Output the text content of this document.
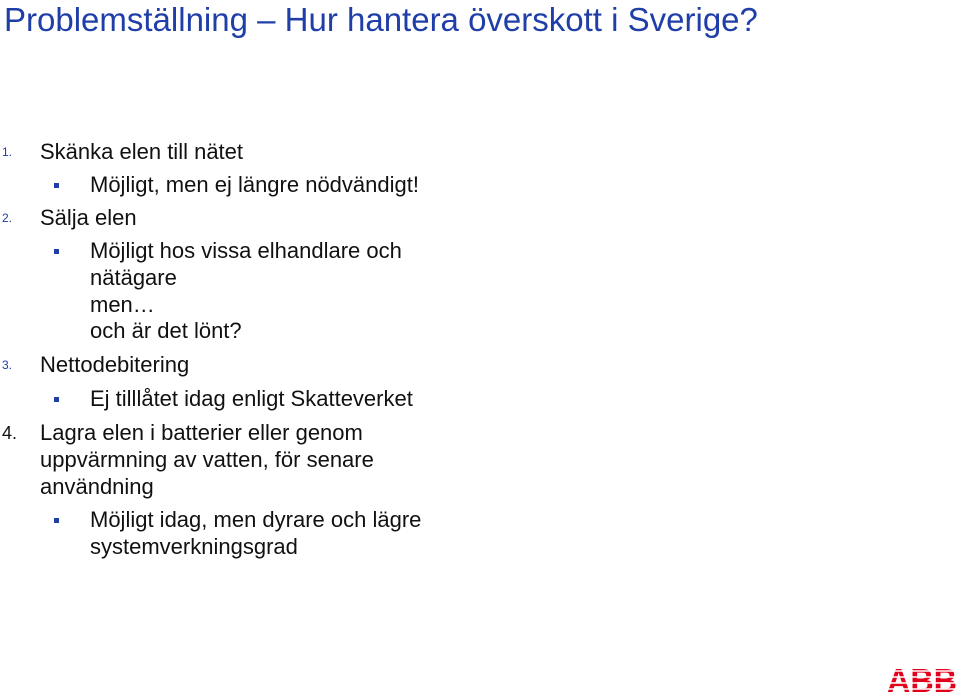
Problemställning – Hur hantera överskott i Sverige?
1. Skänka elen till nätet
Möjligt, men ej längre nödvändigt!
2. Sälja elen
Möjligt hos vissa elhandlare och
nätägare
men…
och är det lönt?
3. Nettodebitering
Ej tilllåtet idag enligt Skatteverket
4. Lagra elen i batterier eller genom
uppvärmning av vatten, för senare
användning
Möjligt idag, men dyrare och lägre
systemverkningsgrad
ABB
